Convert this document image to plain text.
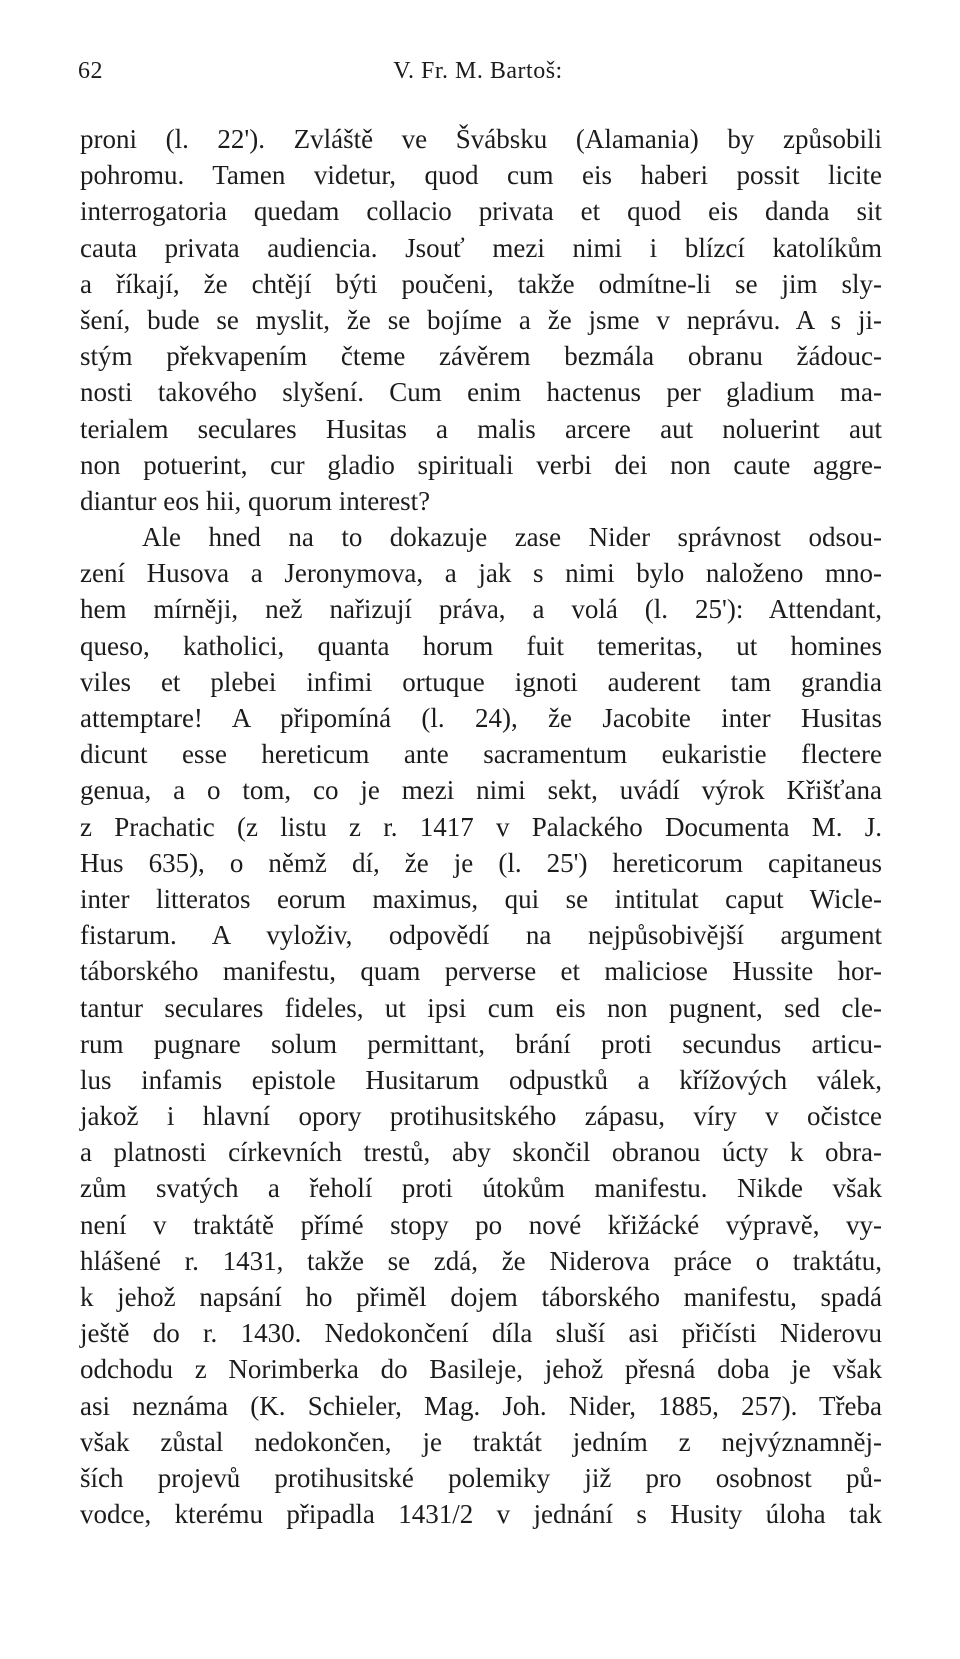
62	V. Fr. M. Bartoš:
proni (l. 22'). Zvláště ve Švábsku (Alamania) by způsobili
pohromu. Tamen videtur, quod cum eis haberi possit licite
interrogatoria quedam collacio privata et quod eis danda sit
cauta privata audiencia. Jsouť mezi nimi i blízcí katolíkům
a říkají, že chtějí býti poučeni, takže odmítne-li se jim sly-
šení, bude se myslit, že se bojíme a že jsme v neprávu. A s ji-
stým překvapením čteme závěrem bezmála obranu žádouc-
nosti takového slyšení. Cum enim hactenus per gladium ma-
terialem seculares Husitas a malis arcere aut noluerint aut
non potuerint, cur gladio spirituali verbi dei non caute aggre-
diantur eos hii, quorum interest?
Ale hned na to dokazuje zase Nider správnost odsou-
zení Husova a Jeronymova, a jak s nimi bylo naloženo mno-
hem mírněji, než nařizují práva, a volá (l. 25'): Attendant,
queso, katholici, quanta horum fuit temeritas, ut homines
viles et plebei infimi ortuque ignoti auderent tam grandia
attemptare! A připomíná (l. 24), že Jacobite inter Husitas
dicunt esse hereticum ante sacramentum eukaristie flectere
genua, a o tom, co je mezi nimi sekt, uvádí výrok Křišťana
z Prachatic (z listu z r. 1417 v Palackého Documenta M. J.
Hus 635), o němž dí, že je (l. 25') hereticorum capitaneus
inter litteratos eorum maximus, qui se intitulat caput Wicle-
fistarum. A vyloživ, odpovědí na nejpůsobivější argument
táborského manifestu, quam perverse et maliciose Hussite hor-
tantur seculares fideles, ut ipsi cum eis non pugnent, sed cle-
rum pugnare solum permittant, brání proti secundus articu-
lus infamis epistole Husitarum odpustků a křížových válek,
jakož i hlavní opory protihusitského zápasu, víry v očistce
a platnosti církevních trestů, aby skončil obranou úcty k obra-
zům svatých a řeholí proti útokům manifestu. Nikde však
není v traktátě přímé stopy po nové křižácké výpravě, vy-
hlášené r. 1431, takže se zdá, že Niderova práce o traktátu,
k jehož napsání ho přiměl dojem táborského manifestu, spadá
ještě do r. 1430. Nedokončení díla sluší asi přičísti Niderovu
odchodu z Norimberka do Basileje, jehož přesná doba je však
asi neznáma (K. Schieler, Mag. Joh. Nider, 1885, 257). Třeba
však zůstal nedokončen, je traktát jedním z nejvýznamněj-
ších projevů protihusitské polemiky již pro osobnost pů-
vodce, kterému připadla 1431/2 v jednání s Husity úloha tak
